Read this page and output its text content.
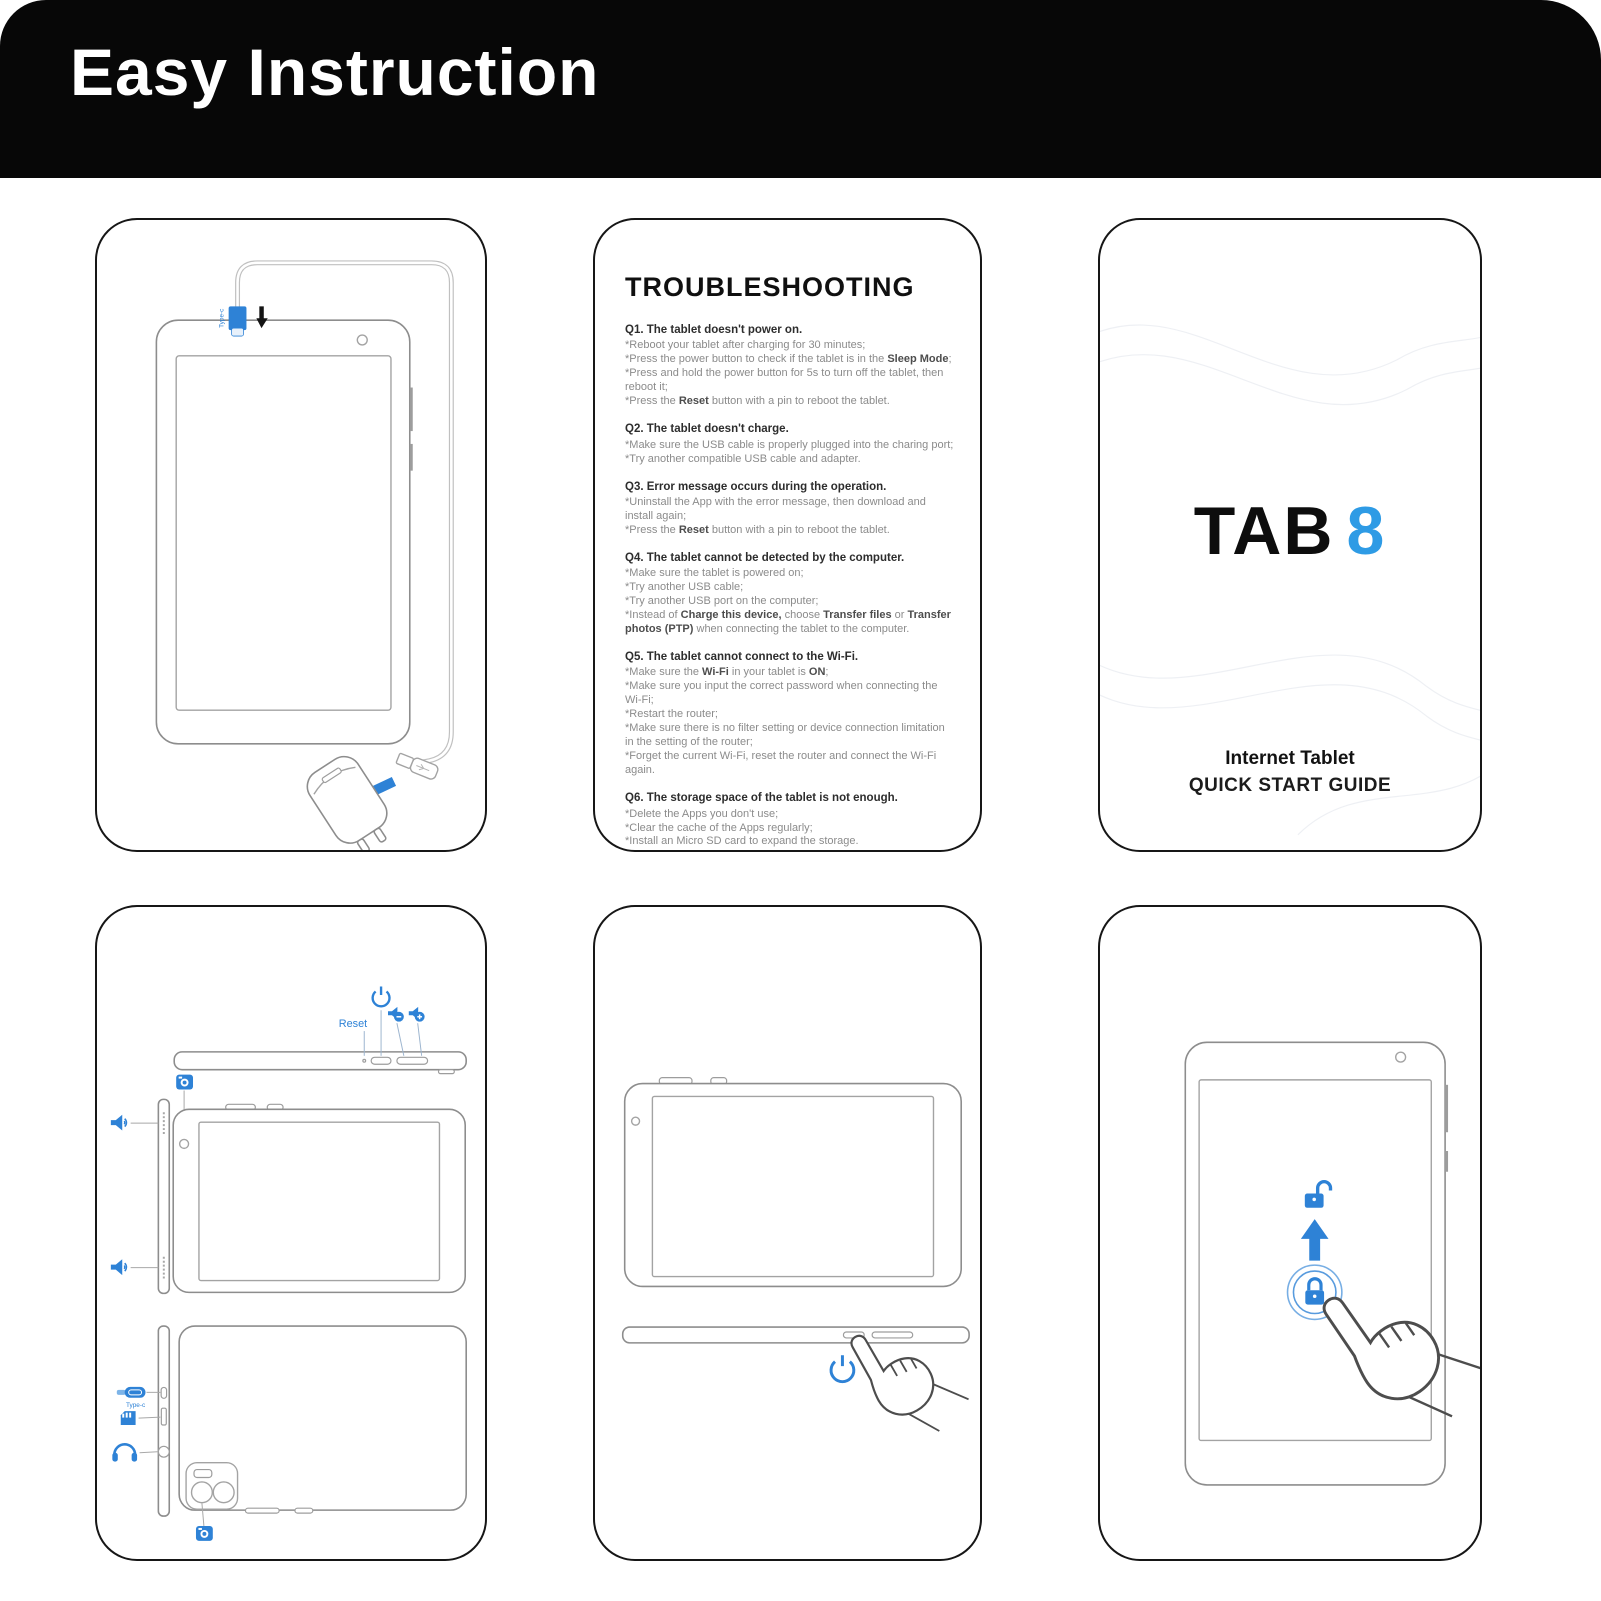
Easy Instruction
Type-c
TROUBLESHOOTING
Q1. The tablet doesn't power on.

*Reboot your tablet after charging for 30 minutes;

*Press the power button to check if the tablet is in the Sleep Mode;

*Press and hold the power button for 5s to turn off the tablet, then reboot it;

*Press the Reset button with a pin to reboot the tablet.

Q2. The tablet doesn't charge.

*Make sure the USB cable is properly plugged into the charing port;

*Try another compatible USB cable and adapter.

Q3. Error message occurs during the operation.

*Uninstall the App with the error message, then download and install again;

*Press the Reset button with a pin to reboot the tablet.

Q4. The tablet cannot be detected by the computer.

*Make sure the tablet is powered on;

*Try another USB cable;

*Try another USB port on the computer;

*Instead of Charge this device, choose Transfer files or Transfer photos (PTP) when connecting the tablet to the computer.

Q5. The tablet cannot connect to the Wi-Fi.

*Make sure the Wi-Fi in your tablet is ON;

*Make sure you input the correct password when connecting the Wi-Fi;

*Restart the router;

*Make sure there is no filter setting or device connection limitation in the setting of the router;

*Forget the current Wi-Fi, reset the router and connect the Wi-Fi again.

Q6. The storage space of the tablet is not enough.

*Delete the Apps you don't use;

*Clear the cache of the Apps regularly;

*Install an Micro SD card to expand the storage.

TAB 8
Internet Tablet
QUICK START GUIDE
Reset
Type-c
